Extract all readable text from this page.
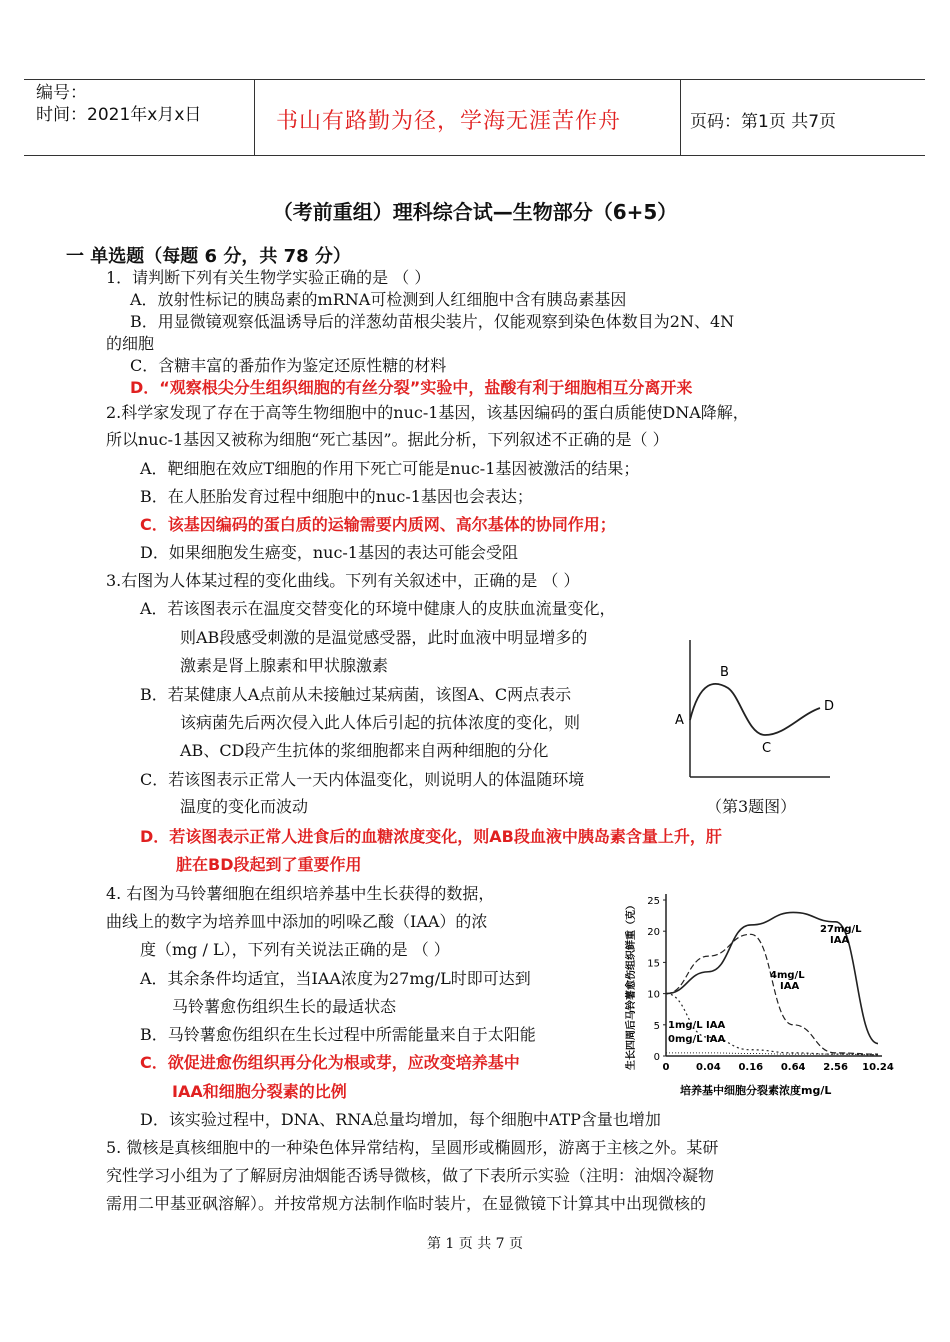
编号：
时间：2021年x月x日	书山有路勤为径，学海无涯苦作舟	页码：第1页 共7页
（考前重组）理科综合试—生物部分（6+5）
一 单选题（每题 6 分，共 78 分）
1．请判断下列有关生物学实验正确的是 （ ）
A．放射性标记的胰岛素的mRNA可检测到人红细胞中含有胰岛素基因
B．用显微镜观察低温诱导后的洋葱幼苗根尖装片，仅能观察到染色体数目为2N、4N
的细胞
C．含糖丰富的番茄作为鉴定还原性糖的材料
D．“观察根尖分生组织细胞的有丝分裂”实验中，盐酸有利于细胞相互分离开来
2.科学家发现了存在于高等生物细胞中的nuc-1基因，该基因编码的蛋白质能使DNA降解，
所以nuc-1基因又被称为细胞“死亡基因”。据此分析，下列叙述不正确的是（ ）
A．靶细胞在效应T细胞的作用下死亡可能是nuc-1基因被激活的结果；
B．在人胚胎发育过程中细胞中的nuc-1基因也会表达；
C．该基因编码的蛋白质的运输需要内质网、高尔基体的协同作用；
D．如果细胞发生癌变，nuc-1基因的表达可能会受阻
3.右图为人体某过程的变化曲线。下列有关叙述中，正确的是 （ ）
A．若该图表示在温度交替变化的环境中健康人的皮肤血流量变化，
则AB段感受刺激的是温觉感受器，此时血液中明显增多的
激素是肾上腺素和甲状腺激素
B．若某健康人A点前从未接触过某病菌，该图A、C两点表示
该病菌先后两次侵入此人体后引起的抗体浓度的变化，则
AB、CD段产生抗体的浆细胞都来自两种细胞的分化
C．若该图表示正常人一天内体温变化，则说明人的体温随环境
温度的变化而波动	（第3题图）
D．若该图表示正常人进食后的血糖浓度变化，则AB段血液中胰岛素含量上升，肝
脏在BD段起到了重要作用
A
B
C
D
4. 右图为马铃薯细胞在组织培养基中生长获得的数据，
曲线上的数字为培养皿中添加的吲哚乙酸（IAA）的浓
度（mg / L），下列有关说法正确的是 （ ）
A．其余条件均适宜，当IAA浓度为27mg/L时即可达到
马铃薯愈伤组织生长的最适状态
B．马铃薯愈伤组织在生长过程中所需能量来自于太阳能
C．欲促进愈伤组织再分化为根或芽，应改变培养基中
IAA和细胞分裂素的比例
D．该实验过程中，DNA、RNA总量均增加，每个细胞中ATP含量也增加
生长四周后马铃薯愈伤组织鲜重（克）
培养基中细胞分裂素浓度mg/L
0
5
10
15
20
25
0	0.04 0.16 0.64 2.56 10.24
27mg/L IAA
4mg/L IAA
1mg/L IAA
0mg/L IAA
5. 微核是真核细胞中的一种染色体异常结构，呈圆形或椭圆形，游离于主核之外。某研
究性学习小组为了了解厨房油烟能否诱导微核，做了下表所示实验（注明：油烟冷凝物
需用二甲基亚砜溶解）。并按常规方法制作临时装片，在显微镜下计算其中出现微核的
第 1 页 共 7 页
